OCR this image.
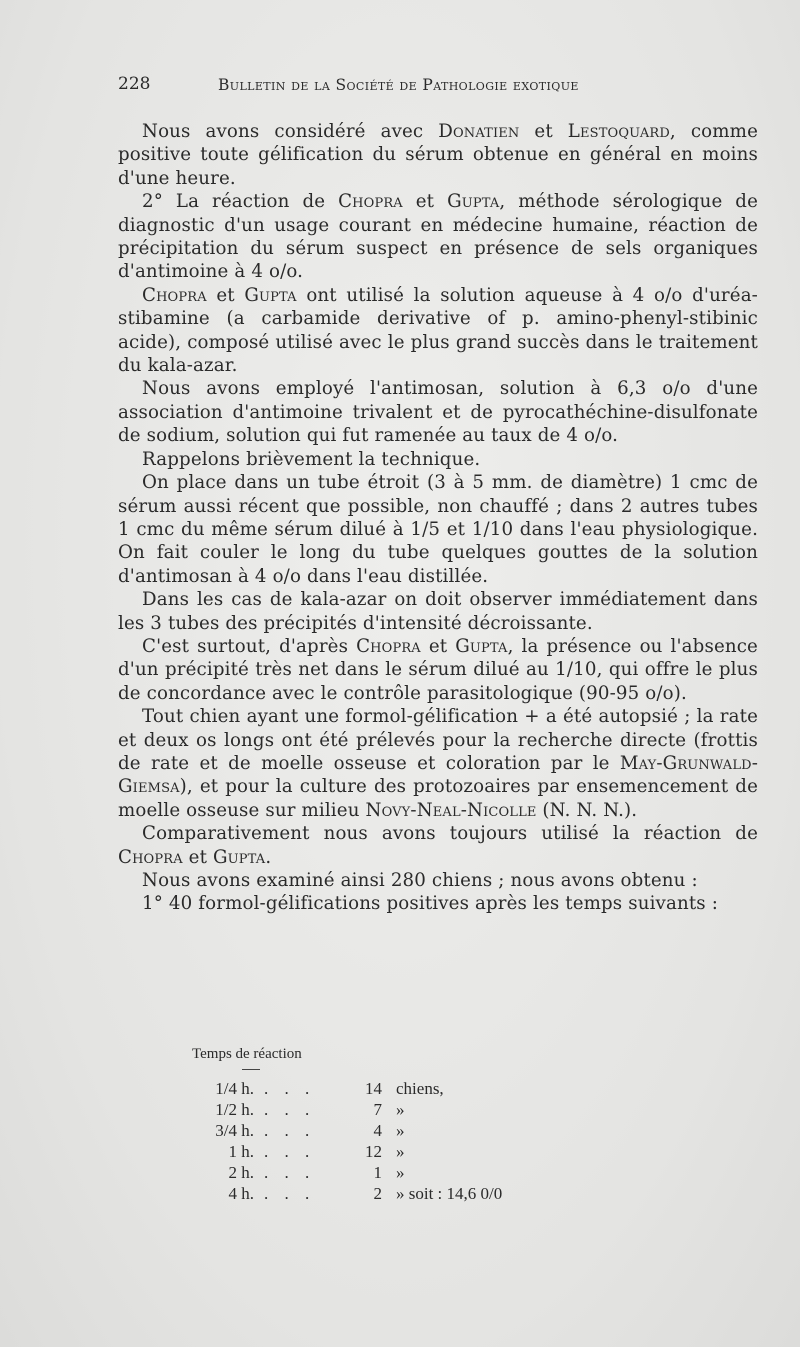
228	Bulletin de la Société de Pathologie exotique

Nous avons considéré avec Donatien et Lestoquard, comme positive toute gélification du sérum obtenue en général en moins d'une heure.

2° La réaction de Chopra et Gupta, méthode sérologique de diagnostic d'un usage courant en médecine humaine, réaction de précipitation du sérum suspect en présence de sels organiques d'antimoine à 4 o/o.

Chopra et Gupta ont utilisé la solution aqueuse à 4 o/o d'uréa-stibamine (a carbamide derivative of p. amino-phenyl-stibinic acide), composé utilisé avec le plus grand succès dans le traitement du kala-azar.

Nous avons employé l'antimosan, solution à 6,3 o/o d'une association d'antimoine trivalent et de pyrocathéchine-disulfonate de sodium, solution qui fut ramenée au taux de 4 o/o.

Rappelons brièvement la technique.

On place dans un tube étroit (3 à 5 mm. de diamètre) 1 cmc de sérum aussi récent que possible, non chauffé ; dans 2 autres tubes 1 cmc du même sérum dilué à 1/5 et 1/10 dans l'eau physiologique. On fait couler le long du tube quelques gouttes de la solution d'antimosan à 4 o/o dans l'eau distillée.

Dans les cas de kala-azar on doit observer immédiatement dans les 3 tubes des précipités d'intensité décroissante.

C'est surtout, d'après Chopra et Gupta, la présence ou l'absence d'un précipité très net dans le sérum dilué au 1/10, qui offre le plus de concordance avec le contrôle parasitologique (90-95 o/o).

Tout chien ayant une formol-gélification + a été autopsié ; la rate et deux os longs ont été prélevés pour la recherche directe (frottis de rate et de moelle osseuse et coloration par le May-Grunwald-Giemsa), et pour la culture des protozoaires par ensemencement de moelle osseuse sur milieu Novy-Neal-Nicolle (N. N. N.).

Comparativement nous avons toujours utilisé la réaction de Chopra et Gupta.

Nous avons examiné ainsi 280 chiens ; nous avons obtenu :

1° 40 formol-gélifications positives après les temps suivants :

Temps de réaction
1/4 h. . . .	14 chiens,
1/2 h. . . .	7 »
3/4 h. . . .	4 »
1 h. . . .	12 »
2 h. . . .	1 »
4 h. . . .	2 » soit : 14,6 0/0
